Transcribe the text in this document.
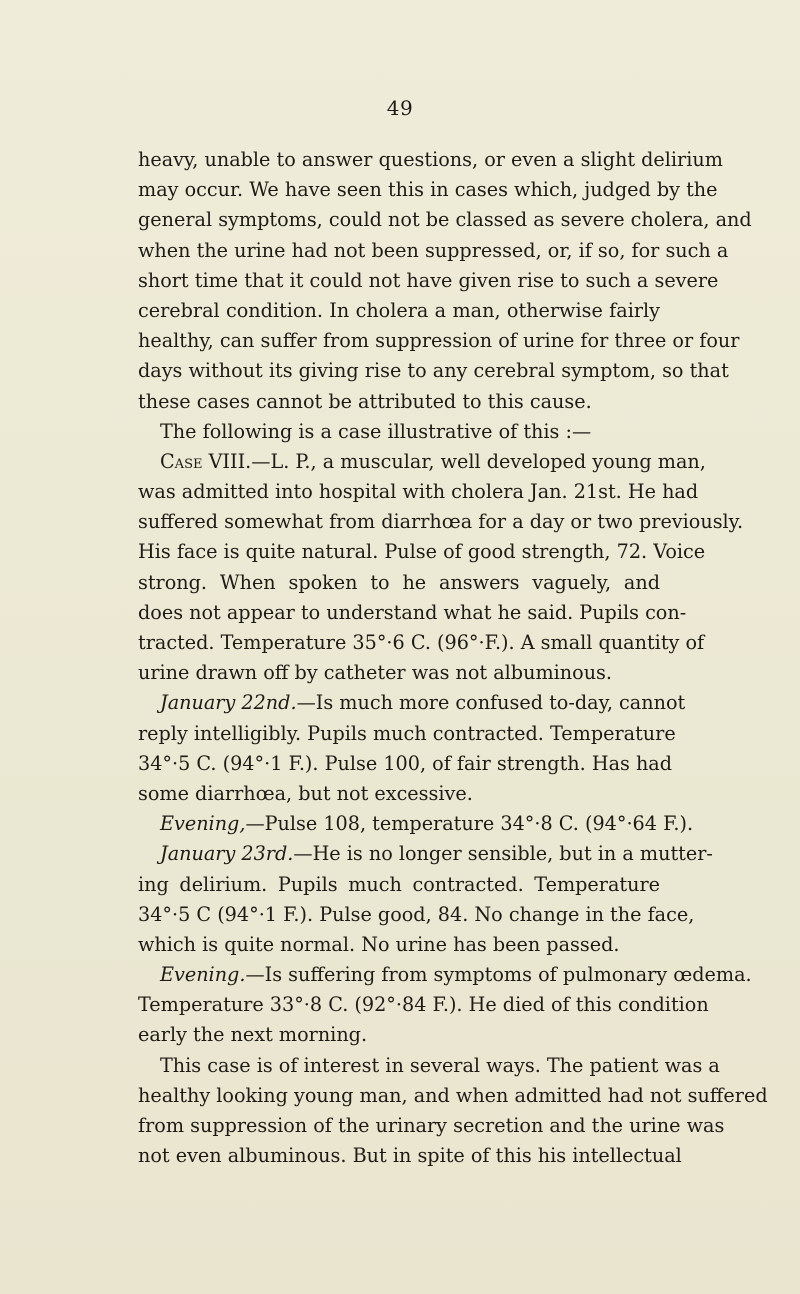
49
heavy, unable to answer questions, or even a slight delirium
may occur. We have seen this in cases which, judged by the
general symptoms, could not be classed as severe cholera, and
when the urine had not been suppressed, or, if so, for such a
short time that it could not have given rise to such a severe
cerebral condition. In cholera a man, otherwise fairly
healthy, can suffer from suppression of urine for three or four
days without its giving rise to any cerebral symptom, so that
these cases cannot be attributed to this cause.
The following is a case illustrative of this :—
Case VIII.—L. P., a muscular, well developed young man,
was admitted into hospital with cholera Jan. 21st. He had
suffered somewhat from diarrhœa for a day or two previously.
His face is quite natural. Pulse of good strength, 72. Voice
strong. When spoken to he answers vaguely, and
does not appear to understand what he said. Pupils con-
tracted. Temperature 35°·6 C. (96°·F.). A small quantity of
urine drawn off by catheter was not albuminous.
January 22nd.—Is much more confused to-day, cannot
reply intelligibly. Pupils much contracted. Temperature
34°·5 C. (94°·1 F.). Pulse 100, of fair strength. Has had
some diarrhœa, but not excessive.
Evening,—Pulse 108, temperature 34°·8 C. (94°·64 F.).
January 23rd.—He is no longer sensible, but in a mutter-
ing delirium. Pupils much contracted. Temperature
34°·5 C (94°·1 F.). Pulse good, 84. No change in the face,
which is quite normal. No urine has been passed.
Evening.—Is suffering from symptoms of pulmonary œdema.
Temperature 33°·8 C. (92°·84 F.). He died of this condition
early the next morning.
This case is of interest in several ways. The patient was a
healthy looking young man, and when admitted had not suffered
from suppression of the urinary secretion and the urine was
not even albuminous. But in spite of this his intellectual
